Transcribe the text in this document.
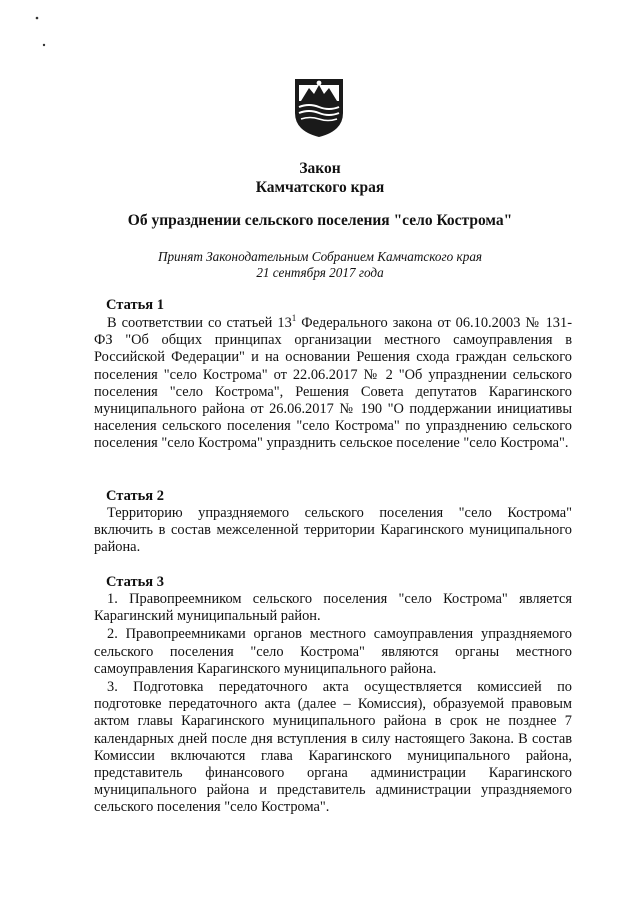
Закон
Камчатского края
Об упразднении сельского поселения "село Кострома"
Принят Законодательным Собранием Камчатского края
21 сентября 2017 года
Статья 1

В соответствии со статьей $13^1$ Федерального закона от 06.10.2003 № 131-ФЗ "Об общих принципах организации местного самоуправления в Российской Федерации" и на основании Решения схода граждан сельского поселения "село Кострома" от 22.06.2017 № 2 "Об упразднении сельского поселения "село Кострома", Решения Совета депутатов Карагинского муниципального района от 26.06.2017 № 190 "О поддержании инициативы населения сельского поселения "село Кострома" по упразднению сельского поселения "село Кострома" упразднить сельское поселение "село Кострома".

Статья 2

Территорию упраздняемого сельского поселения "село Кострома" включить в состав межселенной территории Карагинского муниципального района.

Статья 3

1. Правопреемником сельского поселения "село Кострома" является Карагинский муниципальный район.

2. Правопреемниками органов местного самоуправления упраздняемого сельского поселения "село Кострома" являются органы местного самоуправления Карагинского муниципального района.

3. Подготовка передаточного акта осуществляется комиссией по подготовке передаточного акта (далее – Комиссия), образуемой правовым актом главы Карагинского муниципального района в срок не позднее 7 календарных дней после дня вступления в силу настоящего Закона. В состав Комиссии включаются глава Карагинского муниципального района, представитель финансового органа администрации Карагинского муниципального района и представитель администрации упраздняемого сельского поселения "село Кострома".
